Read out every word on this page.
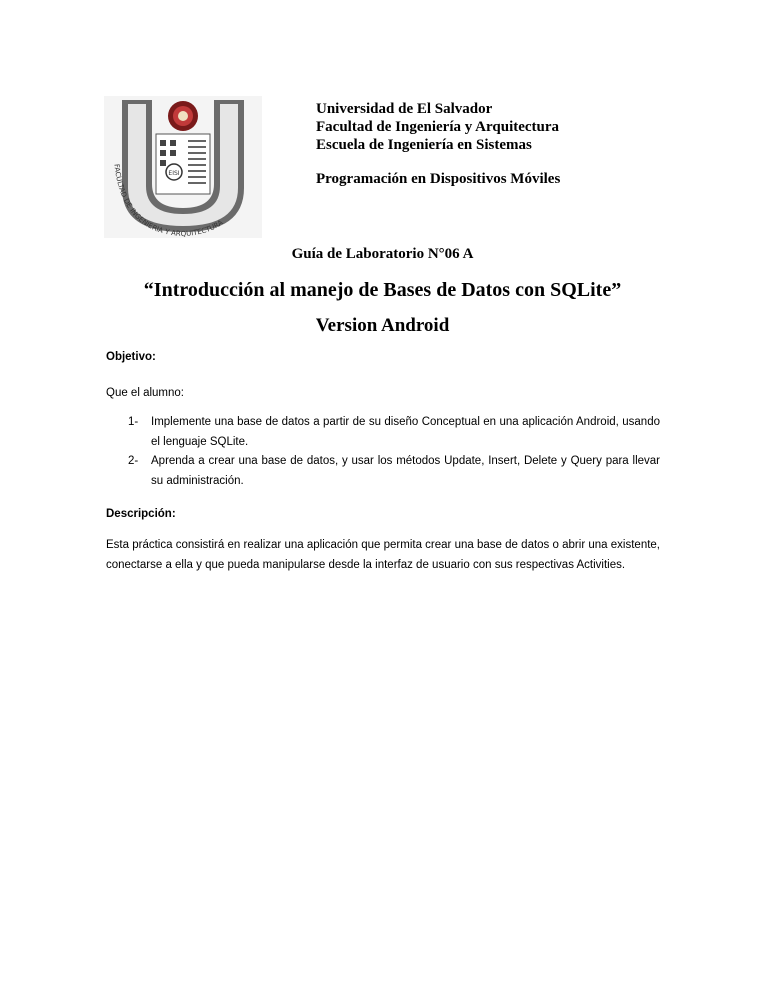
EISI
FACULTAD DE INGENIERIA Y ARQUITECTURA
Universidad de El Salvador
Facultad de Ingeniería y Arquitectura
Escuela de Ingeniería en Sistemas
Programación en Dispositivos Móviles
Guía de Laboratorio N°06 A
“Introducción al manejo de Bases de Datos con SQLite”
Version Android
Objetivo:
Que el alumno:
1- Implemente una base de datos a partir de su diseño Conceptual en una aplicación Android, usando el lenguaje SQLite.
2- Aprenda a crear una base de datos, y usar los métodos Update, Insert, Delete y Query para llevar su administración.
Descripción:
Esta práctica consistirá en realizar una aplicación que permita crear una base de datos o abrir una existente, conectarse a ella y que pueda manipularse desde la interfaz de usuario con sus respectivas Activities.
